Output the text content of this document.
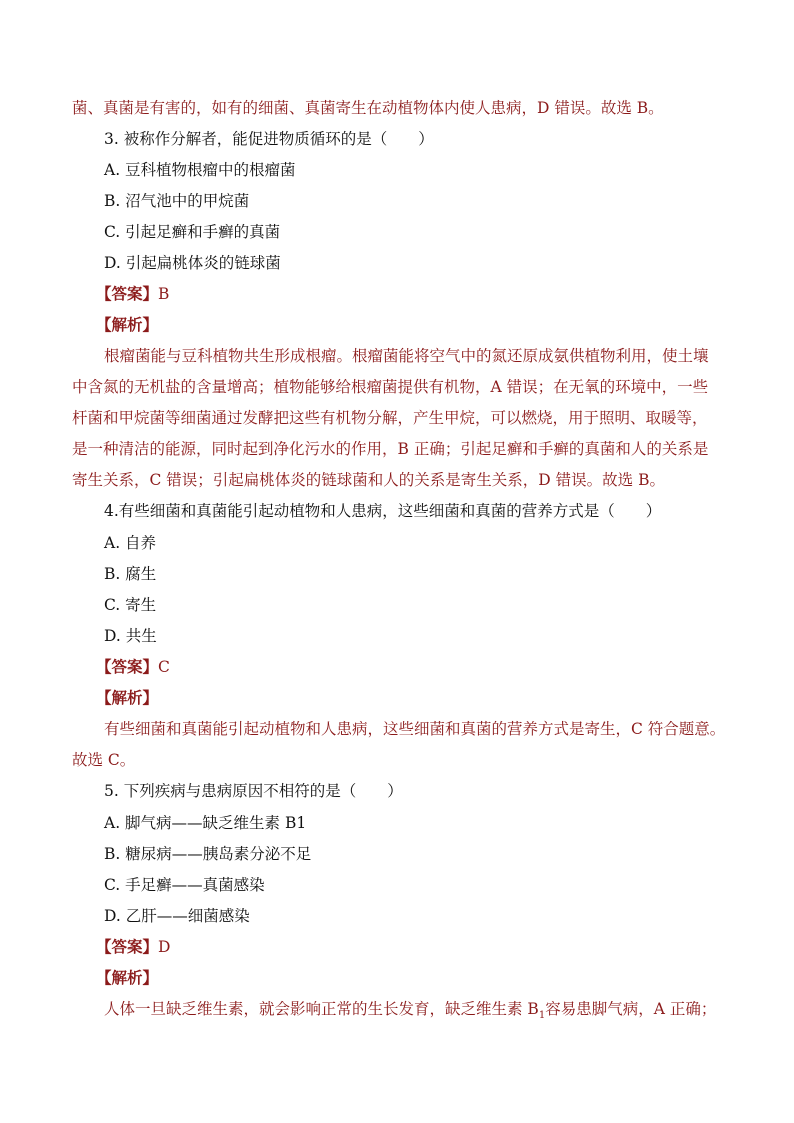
菌、真菌是有害的，如有的细菌、真菌寄生在动植物体内使人患病，D 错误。故选 B。
3. 被称作分解者，能促进物质循环的是（　　）
A. 豆科植物根瘤中的根瘤菌
B. 沼气池中的甲烷菌
C. 引起足癣和手癣的真菌
D. 引起扁桃体炎的链球菌
【答案】B
【解析】
根瘤菌能与豆科植物共生形成根瘤。根瘤菌能将空气中的氮还原成氨供植物利用，使土壤
中含氮的无机盐的含量增高；植物能够给根瘤菌提供有机物，A 错误；在无氧的环境中，一些
杆菌和甲烷菌等细菌通过发酵把这些有机物分解，产生甲烷，可以燃烧，用于照明、取暖等，
是一种清洁的能源，同时起到净化污水的作用，B 正确；引起足癣和手癣的真菌和人的关系是
寄生关系，C 错误；引起扁桃体炎的链球菌和人的关系是寄生关系，D 错误。故选 B。
4.有些细菌和真菌能引起动植物和人患病，这些细菌和真菌的营养方式是（　　）
A. 自养
B. 腐生
C. 寄生
D. 共生
【答案】C
【解析】
有些细菌和真菌能引起动植物和人患病，这些细菌和真菌的营养方式是寄生，C 符合题意。
故选 C。
5. 下列疾病与患病原因不相符的是（　　）
A. 脚气病——缺乏维生素 B1
B. 糖尿病——胰岛素分泌不足
C. 手足癣——真菌感染
D. 乙肝——细菌感染
【答案】D
【解析】
人体一旦缺乏维生素，就会影响正常的生长发育，缺乏维生素 $B_1$容易患脚气病，A 正确；
